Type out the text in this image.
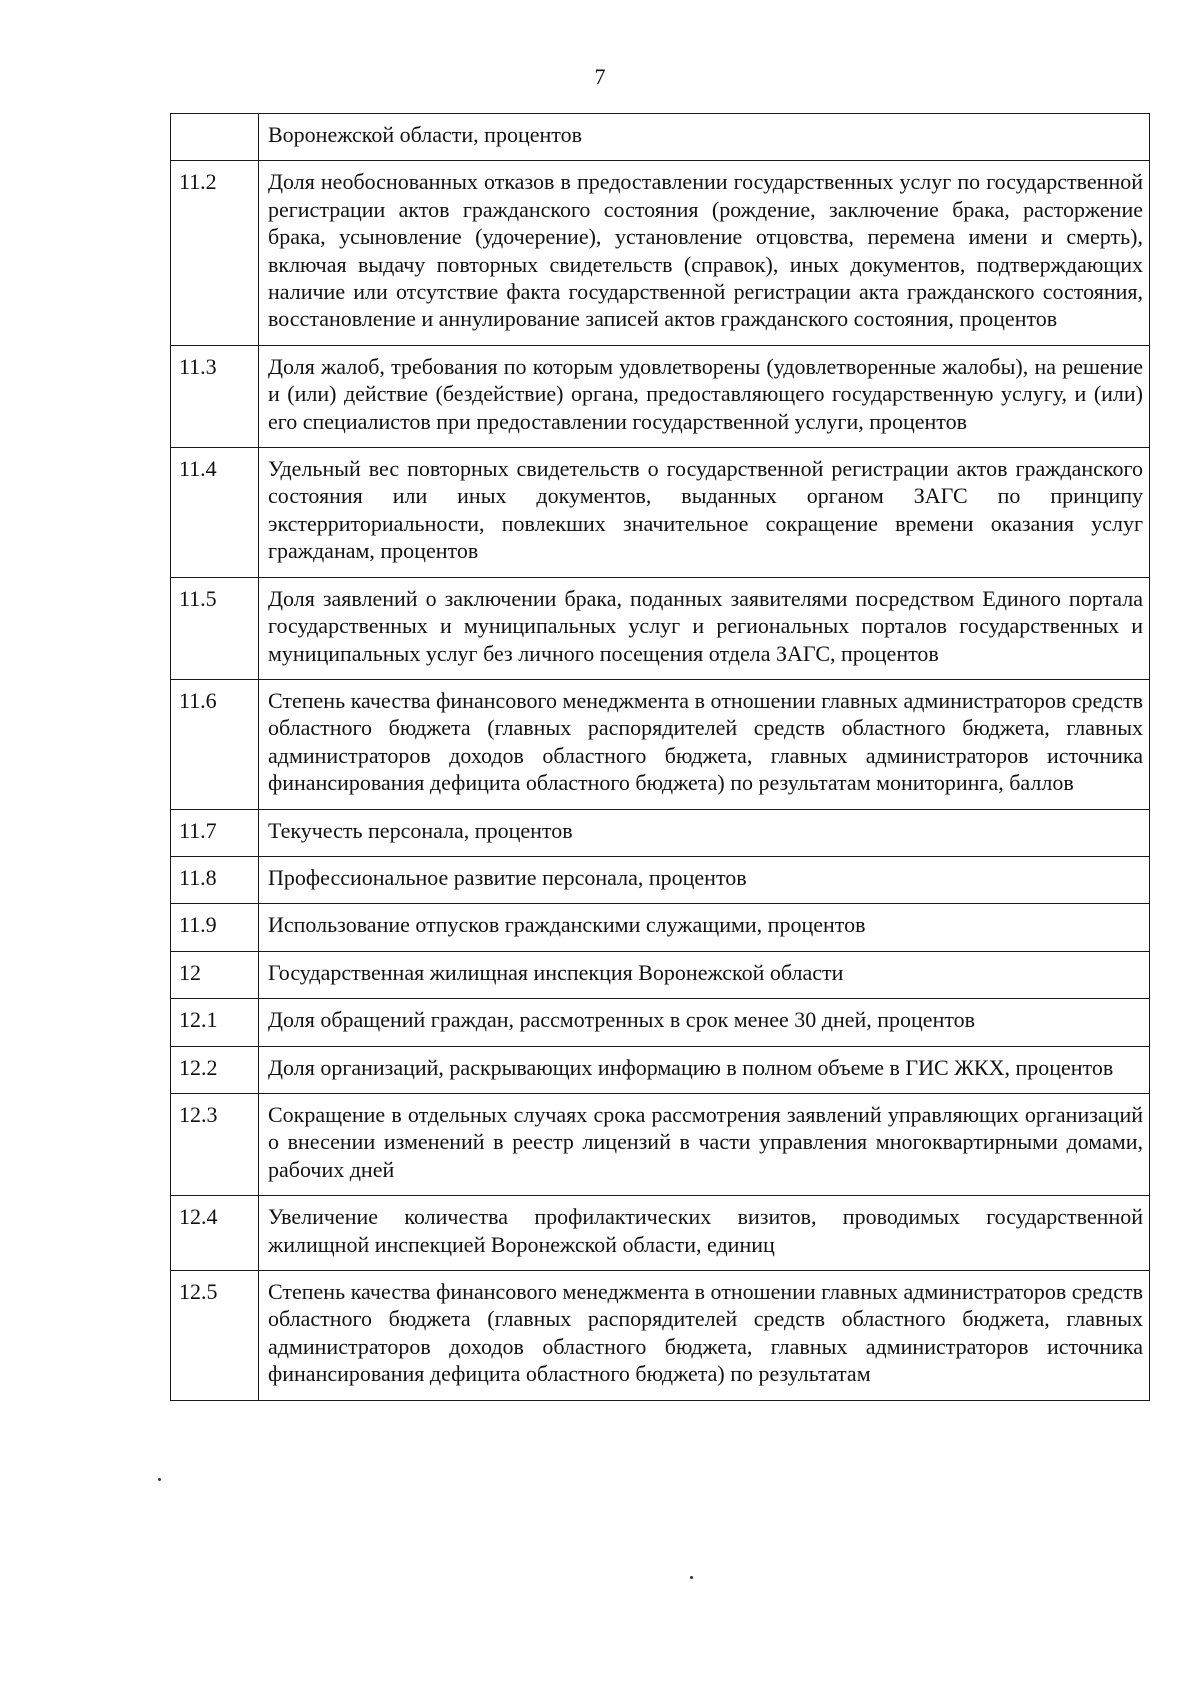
7
	Воронежской области, процентов
11.2	Доля необоснованных отказов в предоставлении государственных услуг по государственной регистрации актов гражданского состояния (рождение, заключение брака, расторжение брака, усыновление (удочерение), установление отцовства, перемена имени и смерть), включая выдачу повторных свидетельств (справок), иных документов, подтверждающих наличие или отсутствие факта государственной регистрации акта гражданского состояния, восстановление и аннулирование записей актов гражданского состояния, процентов
11.3	Доля жалоб, требования по которым удовлетворены (удовлетворенные жалобы), на решение и (или) действие (бездействие) органа, предоставляющего государственную услугу, и (или) его специалистов при предоставлении государственной услуги, процентов
11.4	Удельный вес повторных свидетельств о государственной регистрации актов гражданского состояния или иных документов, выданных органом ЗАГС по принципу экстерриториальности, повлекших значительное сокращение времени оказания услуг гражданам, процентов
11.5	Доля заявлений о заключении брака, поданных заявителями посредством Единого портала государственных и муниципальных услуг и региональных порталов государственных и муниципальных услуг без личного посещения отдела ЗАГС, процентов
11.6	Степень качества финансового менеджмента в отношении главных администраторов средств областного бюджета (главных распорядителей средств областного бюджета, главных администраторов доходов областного бюджета, главных администраторов источника финансирования дефицита областного бюджета) по результатам мониторинга, баллов
11.7	Текучесть персонала, процентов
11.8	Профессиональное развитие персонала, процентов
11.9	Использование отпусков гражданскими служащими, процентов
12	Государственная жилищная инспекция Воронежской области
12.1	Доля обращений граждан, рассмотренных в срок менее 30 дней, процентов
12.2	Доля организаций, раскрывающих информацию в полном объеме в ГИС ЖКХ, процентов
12.3	Сокращение в отдельных случаях срока рассмотрения заявлений управляющих организаций о внесении изменений в реестр лицензий в части управления многоквартирными домами, рабочих дней
12.4	Увеличение количества профилактических визитов, проводимых государственной жилищной инспекцией Воронежской области, единиц
12.5	Степень качества финансового менеджмента в отношении главных администраторов средств областного бюджета (главных распорядителей средств областного бюджета, главных администраторов доходов областного бюджета, главных администраторов источника финансирования дефицита областного бюджета) по результатам
